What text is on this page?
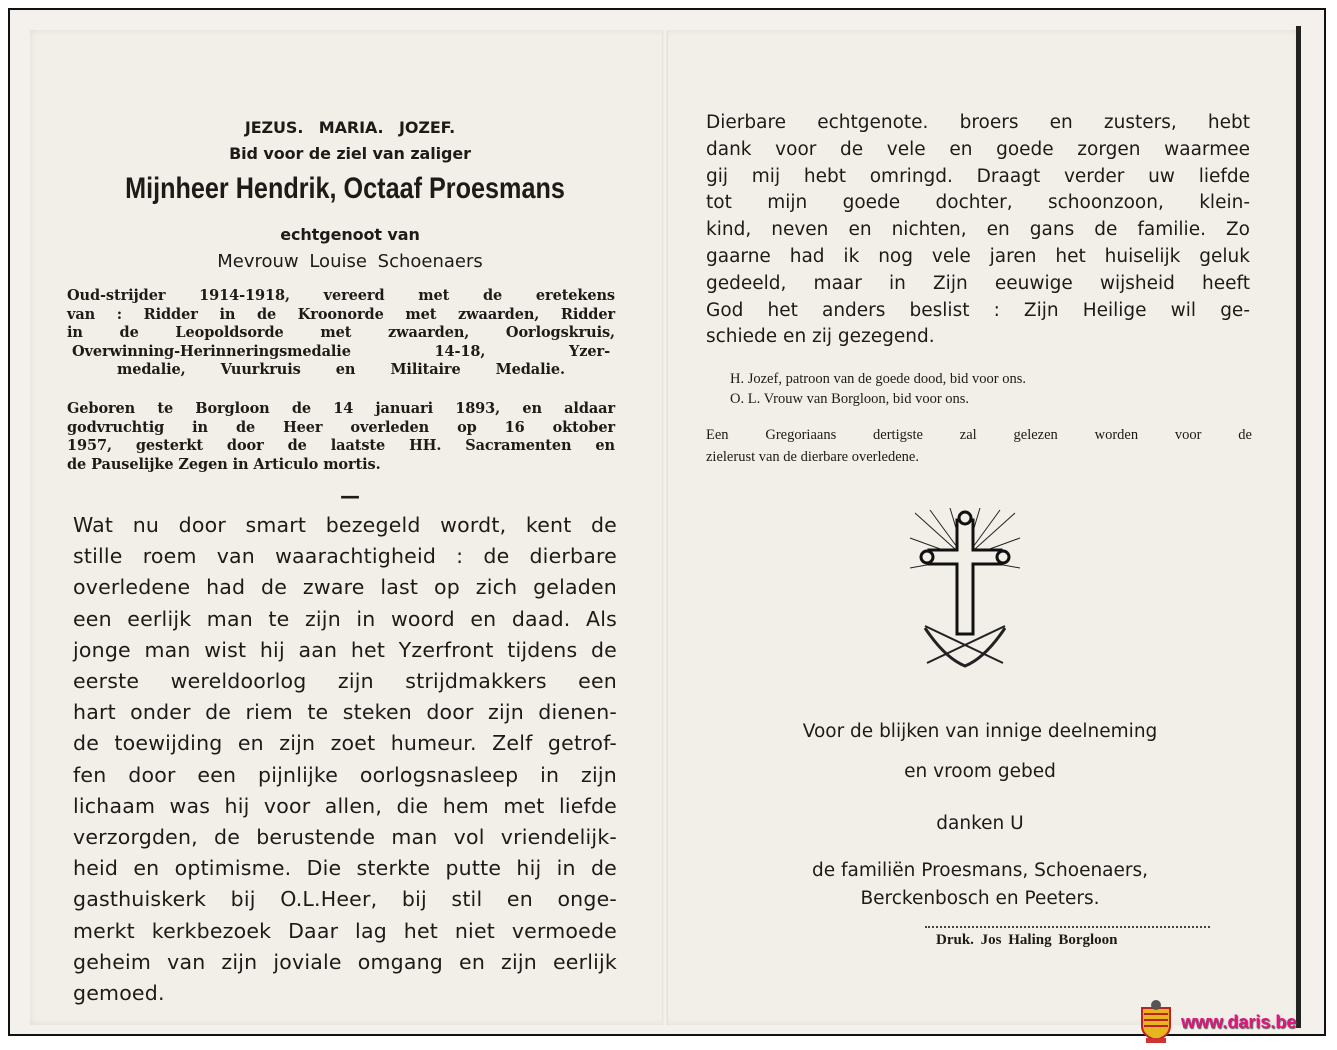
JEZUS. MARIA. JOZEF.
Bid voor de ziel van zaliger
Mijnheer Hendrik, Octaaf Proesmans
echtgenoot van
Mevrouw Louise Schoenaers
Oud-strijder 1914-1918, vereerd met de eretekens
van : Ridder in de Kroonorde met zwaarden, Ridder
in de Leopoldsorde met zwaarden, Oorlogskruis,
Overwinning-Herinneringsmedalie 14-18, Yzer-
medalie, Vuurkruis en Militaire Medalie.
Geboren te Borgloon de 14 januari 1893, en aldaar
godvruchtig in de Heer overleden op 16 oktober
1957, gesterkt door de laatste HH. Sacramenten en
de Pauselijke Zegen in Articulo mortis.
—
Wat nu door smart bezegeld wordt, kent de
stille roem van waarachtigheid : de dierbare
overledene had de zware last op zich geladen
een eerlijk man te zijn in woord en daad. Als
jonge man wist hij aan het Yzerfront tijdens de
eerste wereldoorlog zijn strijdmakkers een
hart onder de riem te steken door zijn dienen-
de toewijding en zijn zoet humeur. Zelf getrof-
fen door een pijnlijke oorlogsnasleep in zijn
lichaam was hij voor allen, die hem met liefde
verzorgden, de berustende man vol vriendelijk-
heid en optimisme. Die sterkte putte hij in de
gasthuiskerk bij O.L.Heer, bij stil en onge-
merkt kerkbezoek Daar lag het niet vermoede
geheim van zijn joviale omgang en zijn eerlijk
gemoed.
Dierbare echtgenote. broers en zusters, hebt
dank voor de vele en goede zorgen waarmee
gij mij hebt omringd. Draagt verder uw liefde
tot mijn goede dochter, schoonzoon, klein-
kind, neven en nichten, en gans de familie. Zo
gaarne had ik nog vele jaren het huiselijk geluk
gedeeld, maar in Zijn eeuwige wijsheid heeft
God het anders beslist : Zijn Heilige wil ge-
schiede en zij gezegend.
H. Jozef, patroon van de goede dood, bid voor ons.
O. L. Vrouw van Borgloon, bid voor ons.
Een Gregoriaans dertigste zal gelezen worden voor de
zielerust van de dierbare overledene.
Voor de blijken van innige deelneming
en vroom gebed
danken U
de familiën Proesmans, Schoenaers,
Berckenbosch en Peeters.
Druk. Jos Haling Borgloon
www.daris.be
